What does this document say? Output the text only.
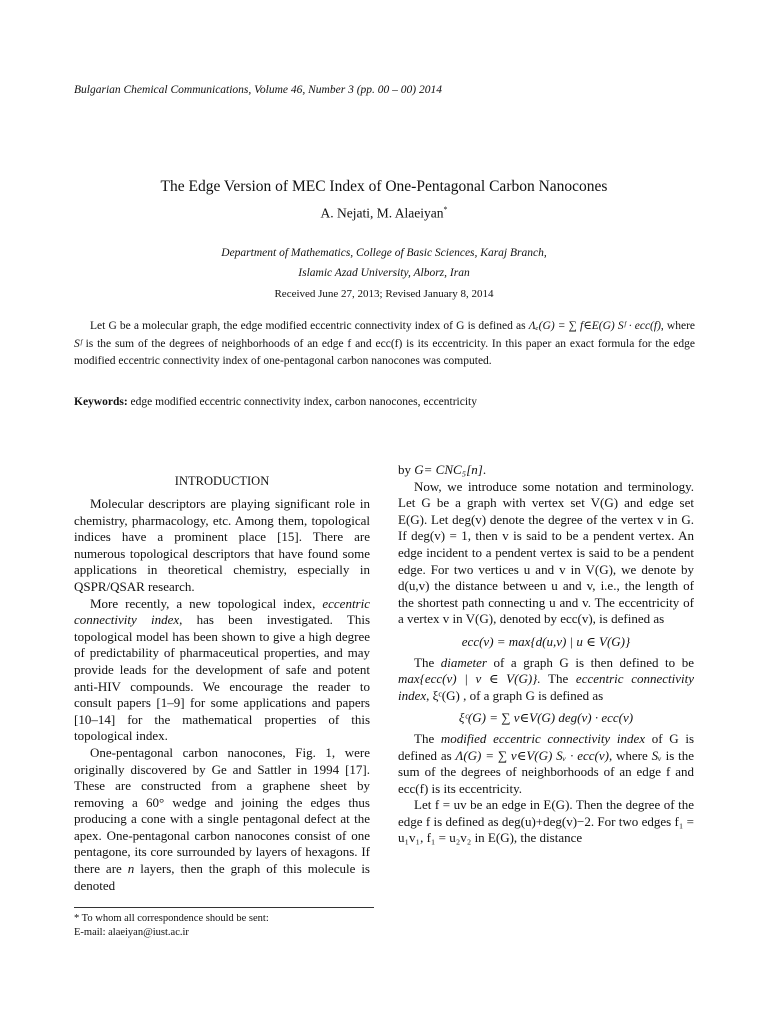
Bulgarian Chemical Communications, Volume 46, Number 3 (pp. 00 – 00) 2014
The Edge Version of MEC Index of One-Pentagonal Carbon Nanocones
A. Nejati, M. Alaeiyan*
Department of Mathematics, College of Basic Sciences, Karaj Branch,
Islamic Azad University, Alborz, Iran
Received June 27, 2013; Revised January 8, 2014

Let G be a molecular graph, the edge modified eccentric connectivity index of G is defined as Λₑ(G) = ∑ f∈E(G) Sᶠ · ecc(f), where Sᶠ is the sum of the degrees of neighborhoods of an edge f and ecc(f) is its eccentricity. In this paper an exact formula for the edge modified eccentric connectivity index of one-pentagonal carbon nanocones was computed.

Keywords: edge modified eccentric connectivity index, carbon nanocones, eccentricity
INTRODUCTION

Molecular descriptors are playing significant role in chemistry, pharmacology, etc. Among them, topological indices have a prominent place [15]. There are numerous topological descriptors that have found some applications in theoretical chemistry, especially in QSPR/QSAR research.

More recently, a new topological index, eccentric connectivity index, has been investigated. This topological model has been shown to give a high degree of predictability of pharmaceutical properties, and may provide leads for the development of safe and potent anti-HIV compounds. We encourage the reader to consult papers [1–9] for some applications and papers [10–14] for the mathematical properties of this topological index.

One-pentagonal carbon nanocones, Fig. 1, were originally discovered by Ge and Sattler in 1994 [17]. These are constructed from a graphene sheet by removing a 60° wedge and joining the edges thus producing a cone with a single pentagonal defect at the apex. One-pentagonal carbon nanocones consist of one pentagone, its core surrounded by layers of hexagons. If there are n layers, then the graph of this molecule is denoted

by G= CNC₅[n].

Now, we introduce some notation and terminology. Let G be a graph with vertex set V(G) and edge set E(G). Let deg(v) denote the degree of the vertex v in G. If deg(v) = 1, then v is said to be a pendent vertex. An edge incident to a pendent vertex is said to be a pendent edge. For two vertices u and v in V(G), we denote by d(u,v) the distance between u and v, i.e., the length of the shortest path connecting u and v. The eccentricity of a vertex v in V(G), denoted by ecc(v), is defined as

ecc(v) = max{d(u,v) | u ∈ V(G)}

The diameter of a graph G is then defined to be max{ecc(v) | v ∈ V(G)}. The eccentric connectivity index, ξᶜ(G) , of a graph G is defined as

ξᶜ(G) = ∑ v∈V(G) deg(v) · ecc(v)

The modified eccentric connectivity index of G is defined as Λ(G) = ∑ v∈V(G) Sᵥ · ecc(v), where Sᵥ is the sum of the degrees of neighborhoods of an edge f and ecc(f) is its eccentricity.

Let f = uv be an edge in E(G). Then the degree of the edge f is defined as deg(u)+deg(v)−2. For two edges f₁ = u₁v₁, f₁ = u₂v₂ in E(G), the distance

* To whom all correspondence should be sent:

E-mail: alaeiyan@iust.ac.ir
